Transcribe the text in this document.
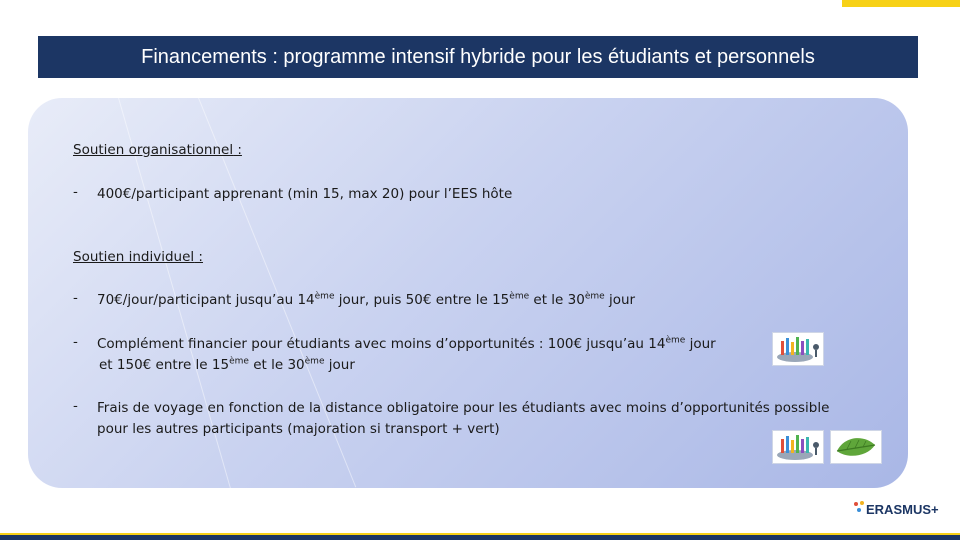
Financements : programme intensif hybride pour les étudiants et personnels
Soutien organisationnel :
-	400€/participant apprenant (min 15, max 20) pour l’EES hôte
Soutien individuel :
-	70€/jour/participant jusqu’au 14ème jour, puis 50€ entre le 15ème et le 30ème jour
-	Complément financier pour étudiants avec moins d’opportunités : 100€ jusqu’au 14ème jour
et 150€ entre le 15ème et le 30ème jour
-	Frais de voyage en fonction de la distance obligatoire pour les étudiants avec moins d’opportunités possible
pour les autres participants (majoration si transport + vert)
ERASMUS+
